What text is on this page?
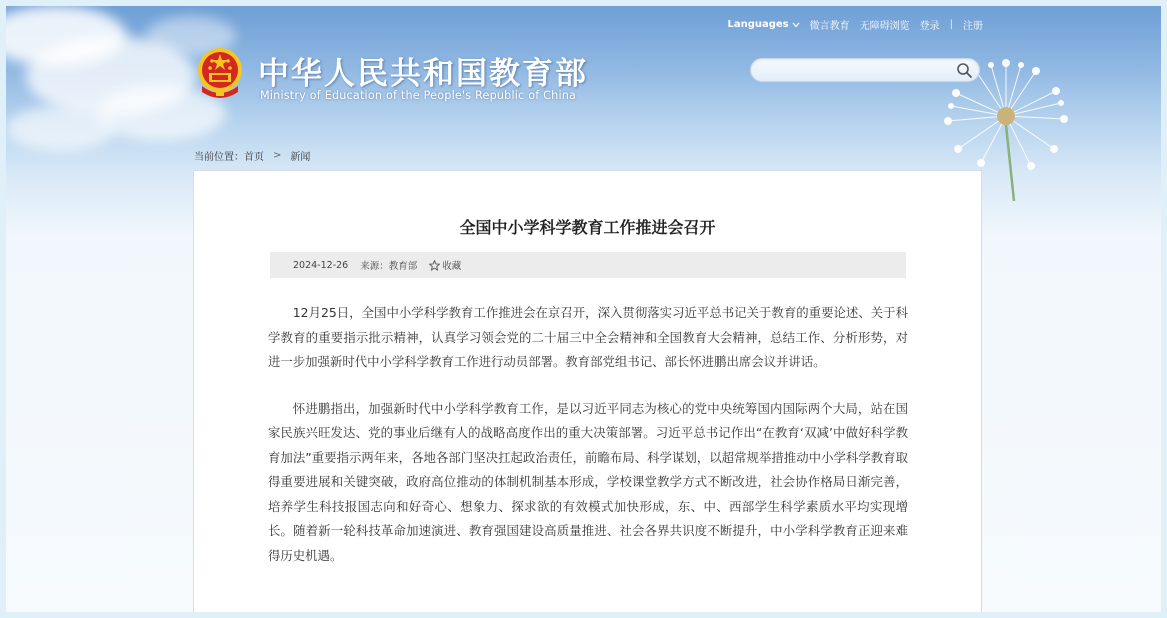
Languages 微言教育 无障碍浏览 登录 | 注册
中华人民共和国教育部
Ministry of Education of the People's Republic of China
当前位置：首页 > 新闻
全国中小学科学教育工作推进会召开
2024-12-26 来源：教育部	收藏

12月25日，全国中小学科学教育工作推进会在京召开，深入贯彻落实习近平总书记关于教育的重要论述、关于科学教育的重要指示批示精神，认真学习领会党的二十届三中全会精神和全国教育大会精神，总结工作、分析形势，对进一步加强新时代中小学科学教育工作进行动员部署。教育部党组书记、部长怀进鹏出席会议并讲话。

怀进鹏指出，加强新时代中小学科学教育工作，是以习近平同志为核心的党中央统筹国内国际两个大局，站在国家民族兴旺发达、党的事业后继有人的战略高度作出的重大决策部署。习近平总书记作出“在教育‘双减’中做好科学教育加法”重要指示两年来，各地各部门坚决扛起政治责任，前瞻布局、科学谋划，以超常规举措推动中小学科学教育取得重要进展和关键突破，政府高位推动的体制机制基本形成，学校课堂教学方式不断改进，社会协作格局日渐完善，培养学生科技报国志向和好奇心、想象力、探求欲的有效模式加快形成，东、中、西部学生科学素质水平均实现增长。随着新一轮科技革命加速演进、教育强国建设高质量推进、社会各界共识度不断提升，中小学科学教育正迎来难得历史机遇。
